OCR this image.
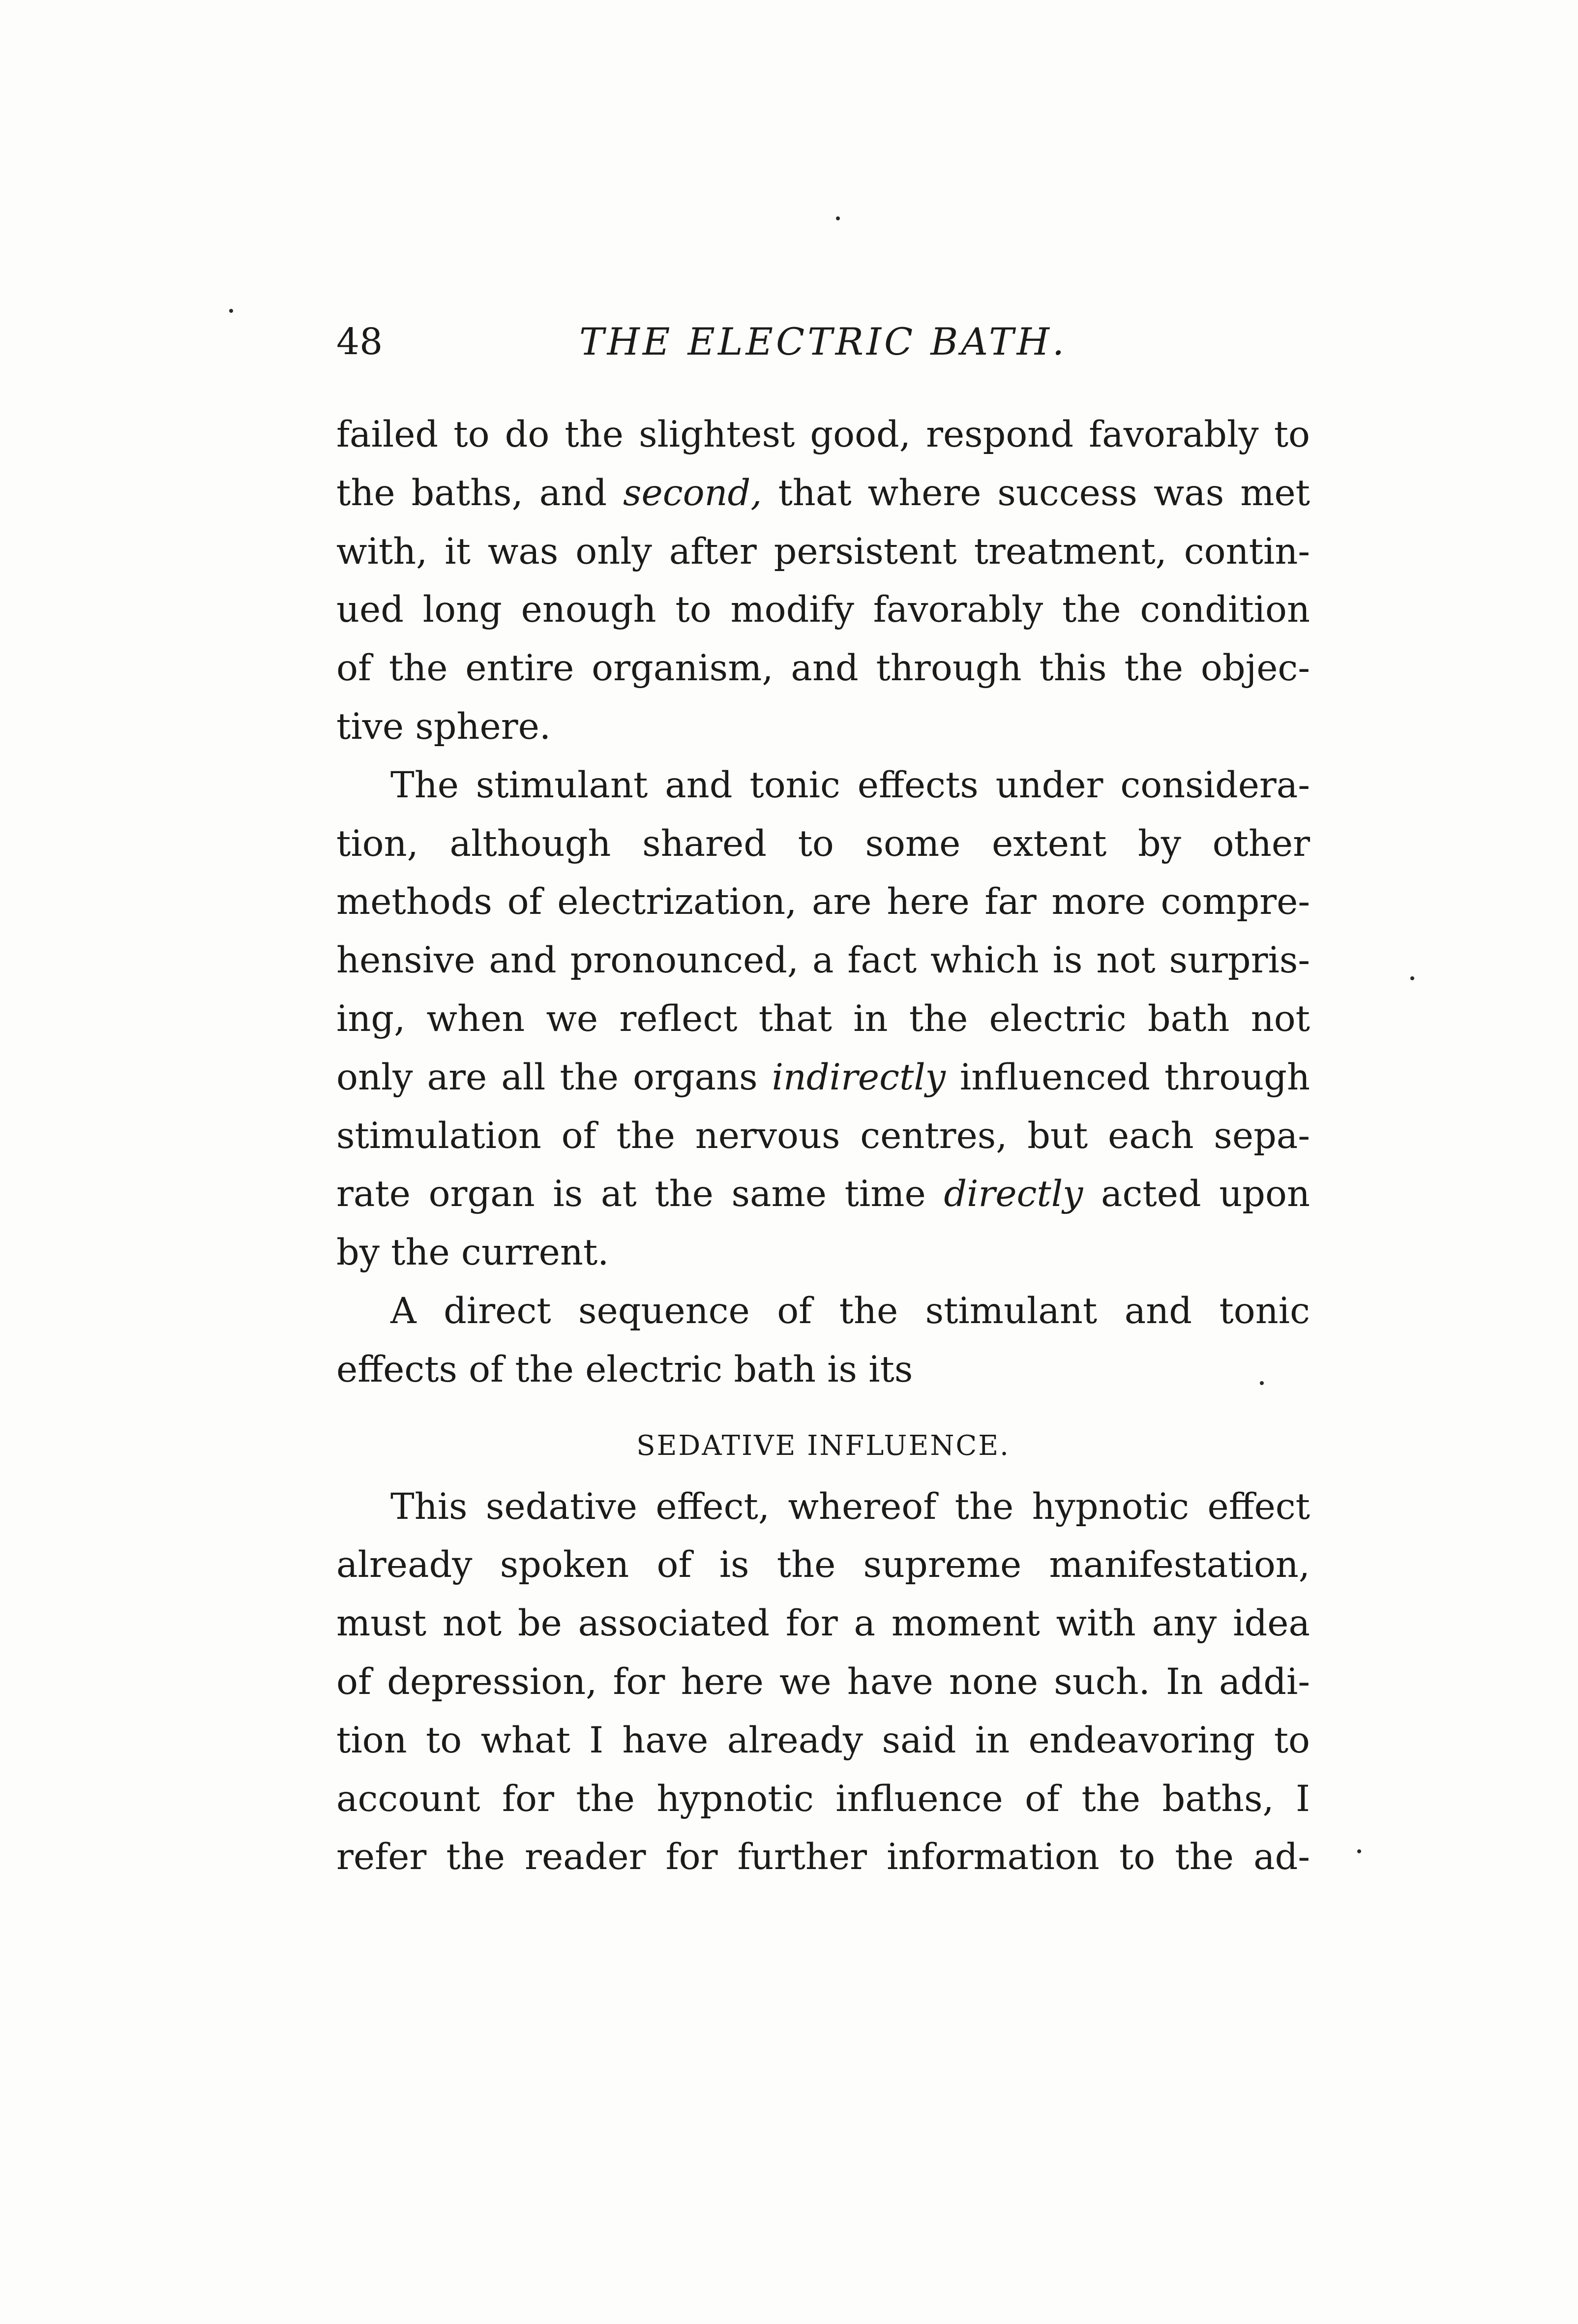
48	THE ELECTRIC BATH.
failed to do the slightest good, respond favorably to
the baths, and second, that where success was met
with, it was only after persistent treatment, contin-
ued long enough to modify favorably the condition
of the entire organism, and through this the objec-
tive sphere.
The stimulant and tonic effects under considera-
tion, although shared to some extent by other
methods of electrization, are here far more compre-
hensive and pronounced, a fact which is not surpris-
ing, when we reflect that in the electric bath not
only are all the organs indirectly influenced through
stimulation of the nervous centres, but each sepa-
rate organ is at the same time directly acted upon
by the current.
A direct sequence of the stimulant and tonic
effects of the electric bath is its
SEDATIVE INFLUENCE.
This sedative effect, whereof the hypnotic effect
already spoken of is the supreme manifestation,
must not be associated for a moment with any idea
of depression, for here we have none such. In addi-
tion to what I have already said in endeavoring to
account for the hypnotic influence of the baths, I
refer the reader for further information to the ad-
